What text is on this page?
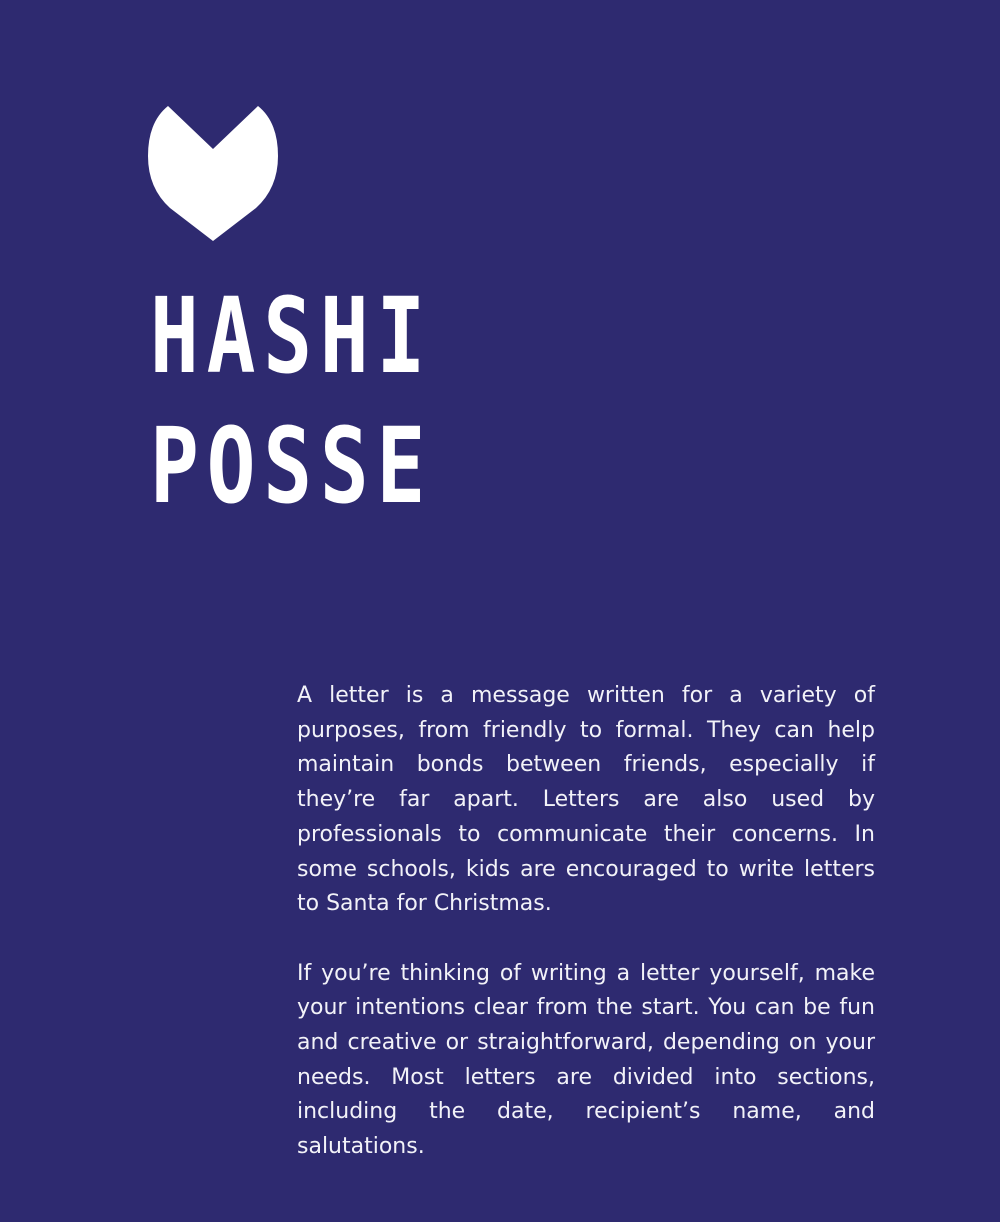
HASHI
POSSE

A letter is a message written for a variety of purposes, from friendly to formal. They can help maintain bonds between friends, especially if they’re far apart. Letters are also used by professionals to communicate their concerns. In some schools, kids are encouraged to write letters to Santa for Christmas.

If you’re thinking of writing a letter yourself, make your intentions clear from the start. You can be fun and creative or straightforward, depending on your needs. Most letters are divided into sections, including the date, recipient’s name, and salutations.
